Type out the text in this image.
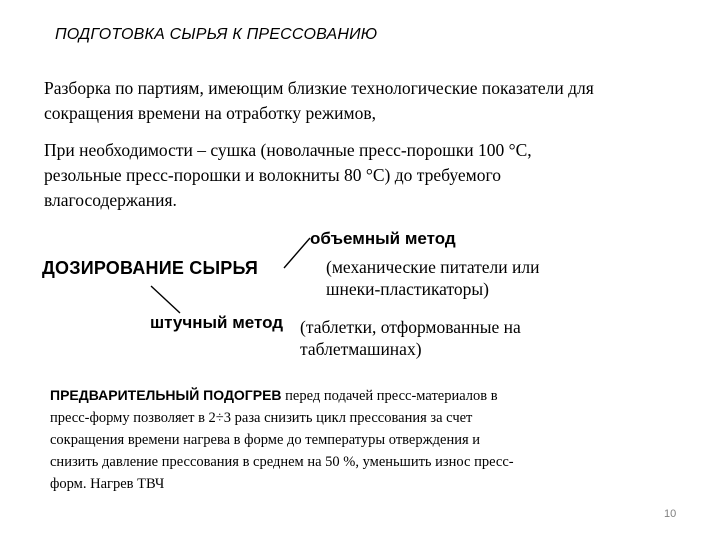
ПОДГОТОВКА СЫРЬЯ К ПРЕССОВАНИЮ
Разборка по партиям, имеющим близкие технологические показатели для сокращения времени на отработку режимов,
При необходимости – сушка (новолачные пресс-порошки 100 °С,
резольные пресс-порошки и волокниты 80 °С) до требуемого
влагосодержания.
ДОЗИРОВАНИЕ СЫРЬЯ
объемный метод
(механические питатели или
шнеки-пластикаторы)
штучный метод (таблетки, отформованные на
таблетмашинах)
ПРЕДВАРИТЕЛЬНЫЙ ПОДОГРЕВ перед подачей пресс-материалов в
пресс-форму позволяет в 2÷3 раза снизить цикл прессования за счет
сокращения времени нагрева в форме до температуры отверждения и
снизить давление прессования в среднем на 50 %, уменьшить износ пресс-
форм. Нагрев ТВЧ
10
